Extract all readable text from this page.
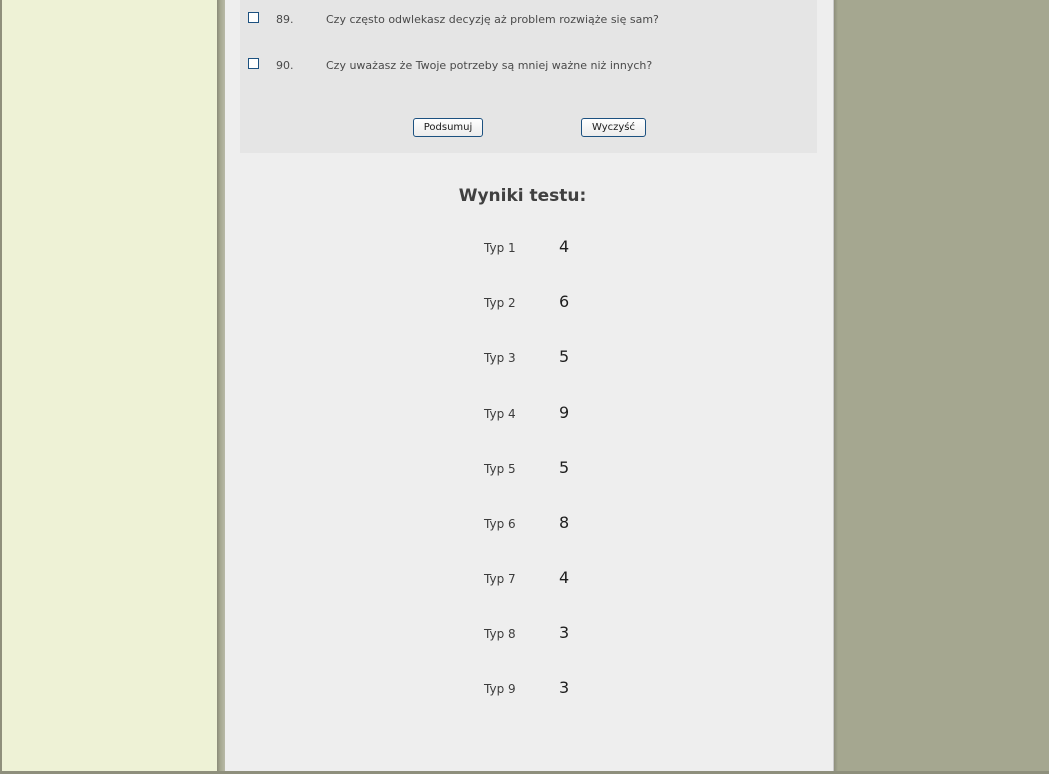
89.	Czy często odwlekasz decyzję aż problem rozwiąże się sam?
90.	Czy uważasz że Twoje potrzeby są mniej ważne niż innych?
Podsumuj	Wyczyść
Wyniki testu:
Typ 1	4
Typ 2	6
Typ 3	5
Typ 4	9
Typ 5	5
Typ 6	8
Typ 7	4
Typ 8	3
Typ 9	3
